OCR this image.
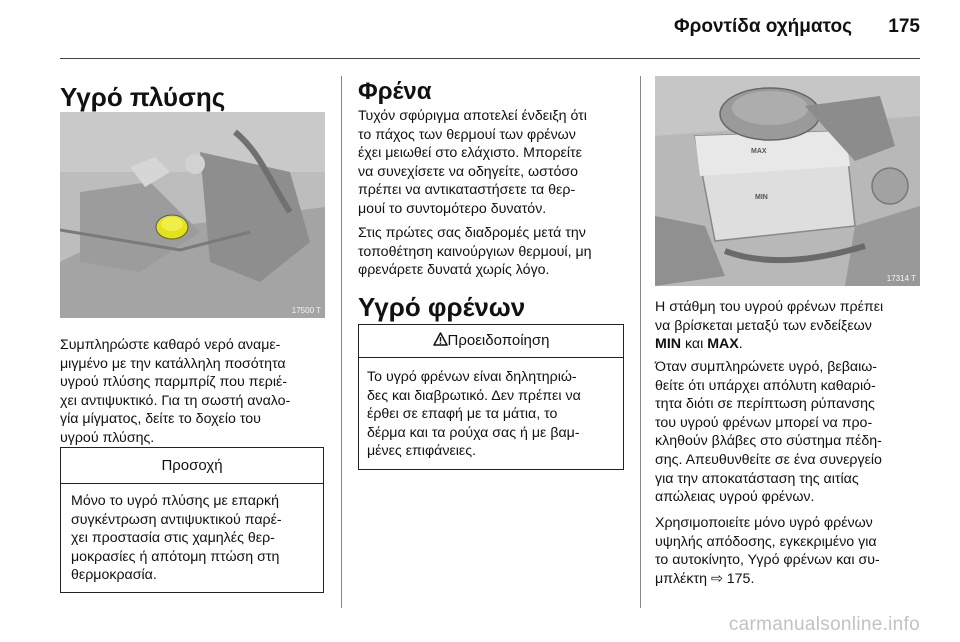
Φροντίδα οχήματος 175
Υγρό πλύσης
17500 T
Συμπληρώστε καθαρό νερό αναμε-
μιγμένο με την κατάλληλη ποσότητα
υγρού πλύσης παρμπρίζ που περιέ-
χει αντιψυκτικό. Για τη σωστή αναλο-
γία μίγματος, δείτε το δοχείο του
υγρού πλύσης.
Προσοχή
Μόνο το υγρό πλύσης με επαρκή
συγκέντρωση αντιψυκτικού παρέ-
χει προστασία στις χαμηλές θερ-
μοκρασίες ή απότομη πτώση στη
θερμοκρασία.
Φρένα
Τυχόν σφύριγμα αποτελεί ένδειξη ότι
το πάχος των θερμουί των φρένων
έχει μειωθεί στο ελάχιστο. Μπορείτε
να συνεχίσετε να οδηγείτε, ωστόσο
πρέπει να αντικαταστήσετε τα θερ-
μουί το συντομότερο δυνατόν.
Στις πρώτες σας διαδρομές μετά την
τοποθέτηση καινούργιων θερμουί, μη
φρενάρετε δυνατά χωρίς λόγο.
Υγρό φρένων
Προειδοποίηση
Το υγρό φρένων είναι δηλητηριώ-
δες και διαβρωτικό. Δεν πρέπει να
έρθει σε επαφή με τα μάτια, το
δέρμα και τα ρούχα σας ή με βαμ-
μένες επιφάνειες.
MAX
MIN
17314 T
Η στάθμη του υγρού φρένων πρέπει
να βρίσκεται μεταξύ των ενδείξεων
MIN και MAX.
Όταν συμπληρώνετε υγρό, βεβαιω-
θείτε ότι υπάρχει απόλυτη καθαριό-
τητα διότι σε περίπτωση ρύπανσης
του υγρού φρένων μπορεί να προ-
κληθούν βλάβες στο σύστημα πέδη-
σης. Απευθυνθείτε σε ένα συνεργείο
για την αποκατάσταση της αιτίας
απώλειας υγρού φρένων.
Χρησιμοποιείτε μόνο υγρό φρένων
υψηλής απόδοσης, εγκεκριμένο για
το αυτοκίνητο, Υγρό φρένων και συ-
μπλέκτη ⇨ 175.
carmanualsonline.info
